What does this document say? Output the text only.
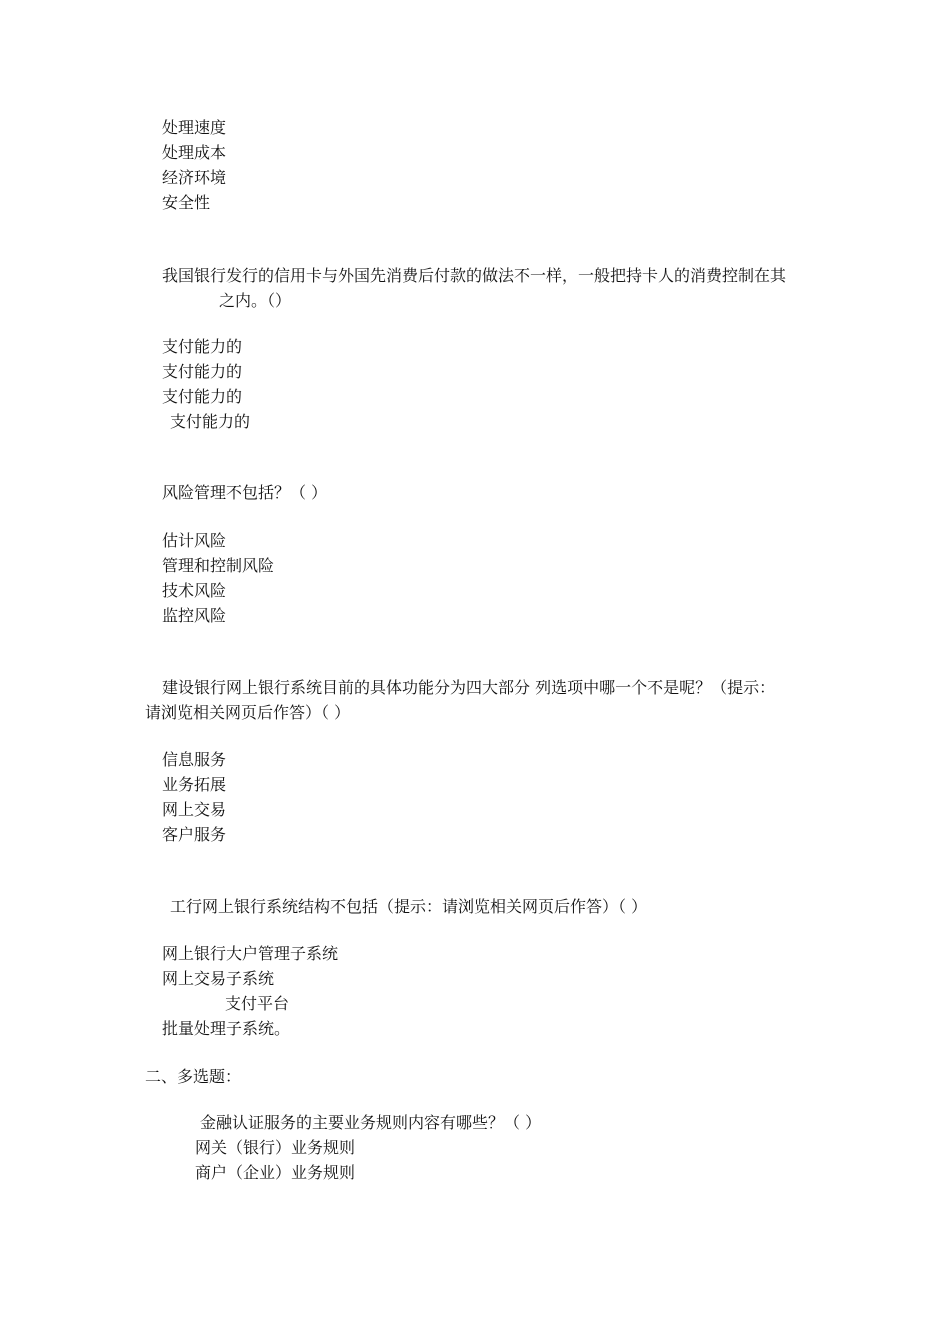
处理速度
处理成本
经济环境
安全性
我国银行发行的信用卡与外国先消费后付款的做法不一样，一般把持卡人的消费控制在其
之内。（）
支付能力的
支付能力的
支付能力的
支付能力的
风险管理不包括？（ ）
估计风险
管理和控制风险
技术风险
监控风险
建设银行网上银行系统目前的具体功能分为四大部分 列选项中哪一个不是呢？（提示：
请浏览相关网页后作答）（ ）
信息服务
业务拓展
网上交易
客户服务
工行网上银行系统结构不包括（提示：请浏览相关网页后作答）（ ）
网上银行大户管理子系统
网上交易子系统
支付平台
批量处理子系统。
二、多选题：
金融认证服务的主要业务规则内容有哪些？（ ）
网关（银行）业务规则
商户（企业）业务规则
